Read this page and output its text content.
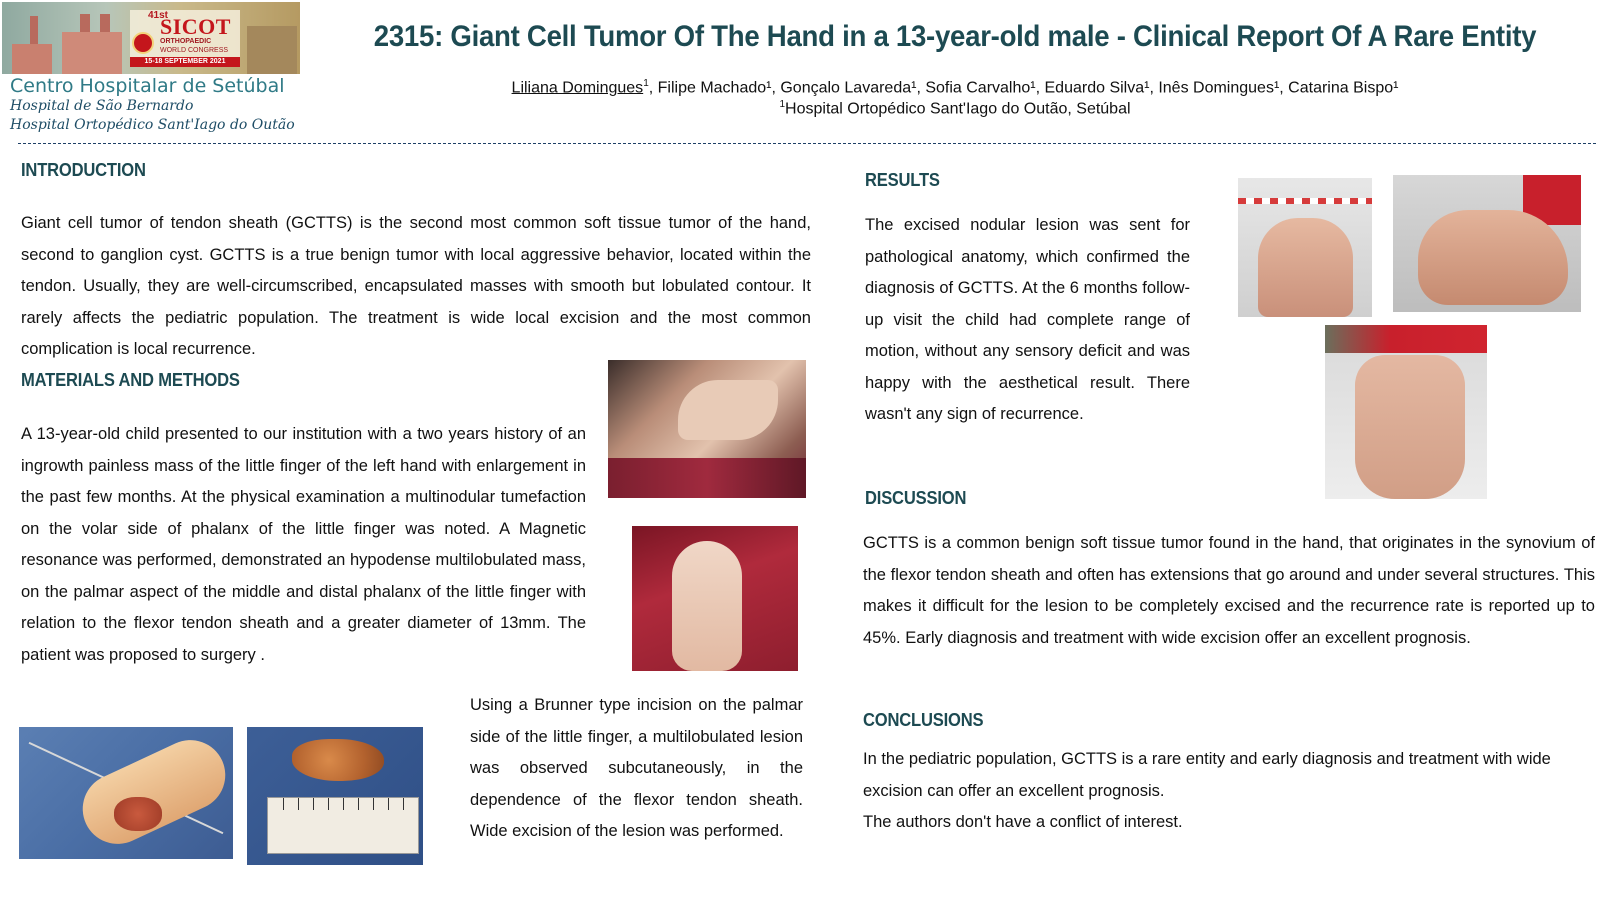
41st
SICOT
ORTHOPAEDIC
WORLD CONGRESS
15-18 SEPTEMBER 2021
Centro Hospitalar de Setúbal
Hospital de São Bernardo
Hospital Ortopédico Sant'Iago do Outão
2315: Giant Cell Tumor Of The Hand in a 13-year-old male - Clinical Report Of A Rare Entity
Liliana Domingues$^1$, Filipe Machado¹, Gonçalo Lavareda¹, Sofia Carvalho¹, Eduardo Silva¹, Inês Domingues¹, Catarina Bispo¹
$^1$Hospital Ortopédico Sant'Iago do Outão, Setúbal
INTRODUCTION
Giant cell tumor of tendon sheath (GCTTS) is the second most common soft tissue tumor of the hand, second to ganglion cyst. GCTTS is a true benign tumor with local aggressive behavior, located within the tendon. Usually, they are well-circumscribed, encapsulated masses with smooth but lobulated contour. It rarely affects the pediatric population. The treatment is wide local excision and the most common complication is local recurrence.
MATERIALS AND METHODS
A 13-year-old child presented to our institution with a two years history of an ingrowth painless mass of the little finger of the left hand with enlargement in the past few months. At the physical examination a multinodular tumefaction on the volar side of phalanx of the little finger was noted. A Magnetic resonance was performed, demonstrated an hypodense multilobulated mass, on the palmar aspect of the middle and distal phalanx of the little finger with relation to the flexor tendon sheath and a greater diameter of 13mm. The patient was proposed to surgery .
Using a Brunner type incision on the palmar side of the little finger, a multilobulated lesion was observed subcutaneously, in the dependence of the flexor tendon sheath. Wide excision of the lesion was performed.
RESULTS
The excised nodular lesion was sent for pathological anatomy, which confirmed the diagnosis of GCTTS. At the 6 months follow-up visit the child had complete range of motion, without any sensory deficit and was happy with the aesthetical result. There wasn't any sign of recurrence.
DISCUSSION
GCTTS is a common benign soft tissue tumor found in the hand, that originates in the synovium of the flexor tendon sheath and often has extensions that go around and under several structures. This makes it difficult for the lesion to be completely excised and the recurrence rate is reported up to 45%. Early diagnosis and treatment with wide excision offer an excellent prognosis.
CONCLUSIONS
In the pediatric population, GCTTS is a rare entity and early diagnosis and treatment with wide excision can offer an excellent prognosis.
The authors don't have a conflict of interest.
